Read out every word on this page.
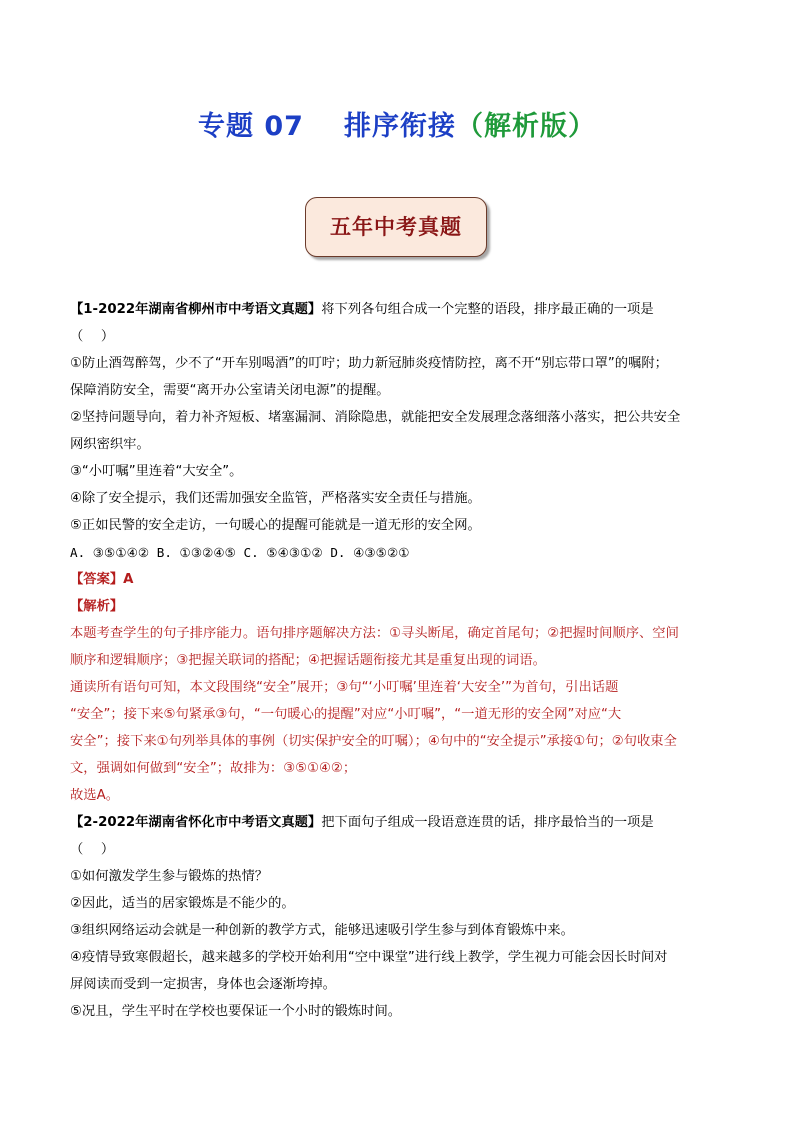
专题 07 排序衔接（解析版）
五年中考真题
【1-2022年湖南省柳州市中考语文真题】将下列各句组合成一个完整的语段，排序最正确的一项是
（　 ）
①防止酒驾醉驾，少不了“开车别喝酒”的叮咛；助力新冠肺炎疫情防控，离不开“别忘带口罩”的嘱附；
保障消防安全，需要“离开办公室请关闭电源”的提醒。
②坚持问题导向，着力补齐短板、堵塞漏洞、消除隐患，就能把安全发展理念落细落小落实，把公共安全
网织密织牢。
③“小叮嘱”里连着“大安全”。
④除了安全提示，我们还需加强安全监管，严格落实安全责任与措施。
⑤正如民警的安全走访，一句暖心的提醒可能就是一道无形的安全网。
A. ③⑤①④② B. ①③②④⑤ C. ⑤④③①② D. ④③⑤②①
【答案】A
【解析】
本题考查学生的句子排序能力。语句排序题解决方法：①寻头断尾，确定首尾句；②把握时间顺序、空间
顺序和逻辑顺序；③把握关联词的搭配；④把握话题衔接尤其是重复出现的词语。
通读所有语句可知，本文段围绕“安全”展开；③句“‘小叮嘱’里连着‘大安全’”为首句，引出话题
“安全”；接下来⑤句紧承③句，“一句暖心的提醒”对应“小叮嘱”，“一道无形的安全网”对应“大
安全”；接下来①句列举具体的事例（切实保护安全的叮嘱）；④句中的“安全提示”承接①句；②句收束全
文，强调如何做到“安全”；故排为：③⑤①④②；
故选A。
【2-2022年湖南省怀化市中考语文真题】把下面句子组成一段语意连贯的话，排序最恰当的一项是
（　 ）
①如何激发学生参与锻炼的热情？
②因此，适当的居家锻炼是不能少的。
③组织网络运动会就是一种创新的教学方式，能够迅速吸引学生参与到体育锻炼中来。
④疫情导致寒假超长，越来越多的学校开始利用“空中课堂”进行线上教学，学生视力可能会因长时间对
屏阅读而受到一定损害，身体也会逐渐垮掉。
⑤况且，学生平时在学校也要保证一个小时的锻炼时间。
